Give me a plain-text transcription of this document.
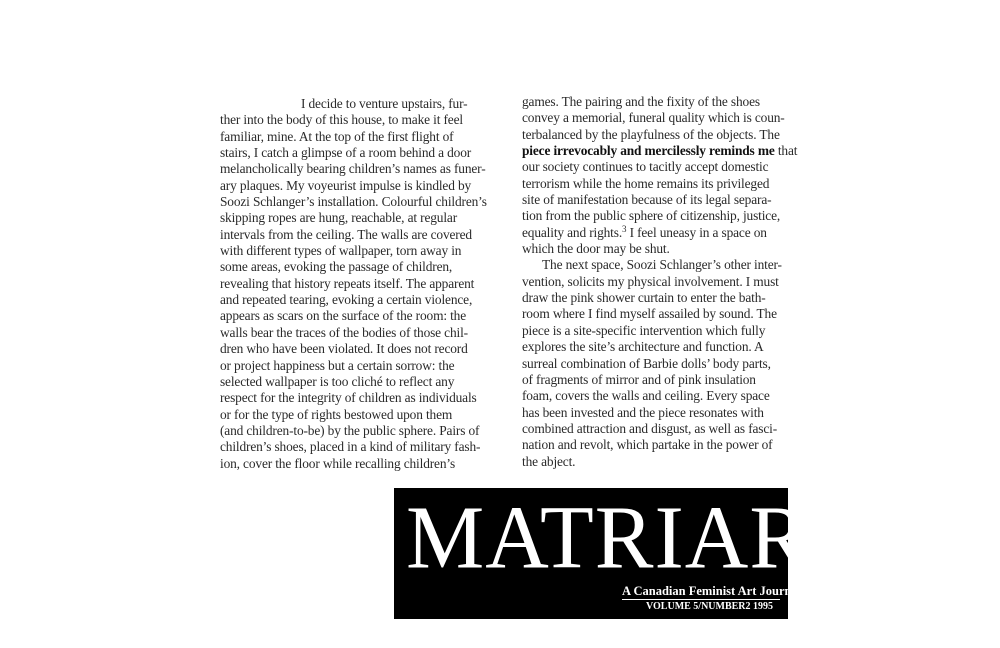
I decide to venture upstairs, fur-
ther into the body of this house, to make it feel
familiar, mine. At the top of the first flight of
stairs, I catch a glimpse of a room behind a door
melancholically bearing children’s names as funer-
ary plaques. My voyeurist impulse is kindled by
Soozi Schlanger’s installation. Colourful children’s
skipping ropes are hung, reachable, at regular
intervals from the ceiling. The walls are covered
with different types of wallpaper, torn away in
some areas, evoking the passage of children,
revealing that history repeats itself. The apparent
and repeated tearing, evoking a certain violence,
appears as scars on the surface of the room: the
walls bear the traces of the bodies of those chil-
dren who have been violated. It does not record
or project happiness but a certain sorrow: the
selected wallpaper is too cliché to reflect any
respect for the integrity of children as individuals
or for the type of rights bestowed upon them
(and children-to-be) by the public sphere. Pairs of
children’s shoes, placed in a kind of military fash-
ion, cover the floor while recalling children’s
games. The pairing and the fixity of the shoes
convey a memorial, funeral quality which is coun-
terbalanced by the playfulness of the objects. The
piece irrevocably and mercilessly reminds me that
our society continues to tacitly accept domestic
terrorism while the home remains its privileged
site of manifestation because of its legal separa-
tion from the public sphere of citizenship, justice,
equality and rights.$^3$ I feel uneasy in a space on
which the door may be shut.
The next space, Soozi Schlanger’s other inter-
vention, solicits my physical involvement. I must
draw the pink shower curtain to enter the bath-
room where I find myself assailed by sound. The
piece is a site-specific intervention which fully
explores the site’s architecture and function. A
surreal combination of Barbie dolls’ body parts,
of fragments of mirror and of pink insulation
foam, covers the walls and ceiling. Every space
has been invested and the piece resonates with
combined attraction and disgust, as well as fasci-
nation and revolt, which partake in the power of
the abject.
MATRIART
A Canadian Feminist Art Journal
VOLUME 5/NUMBER2 1995
